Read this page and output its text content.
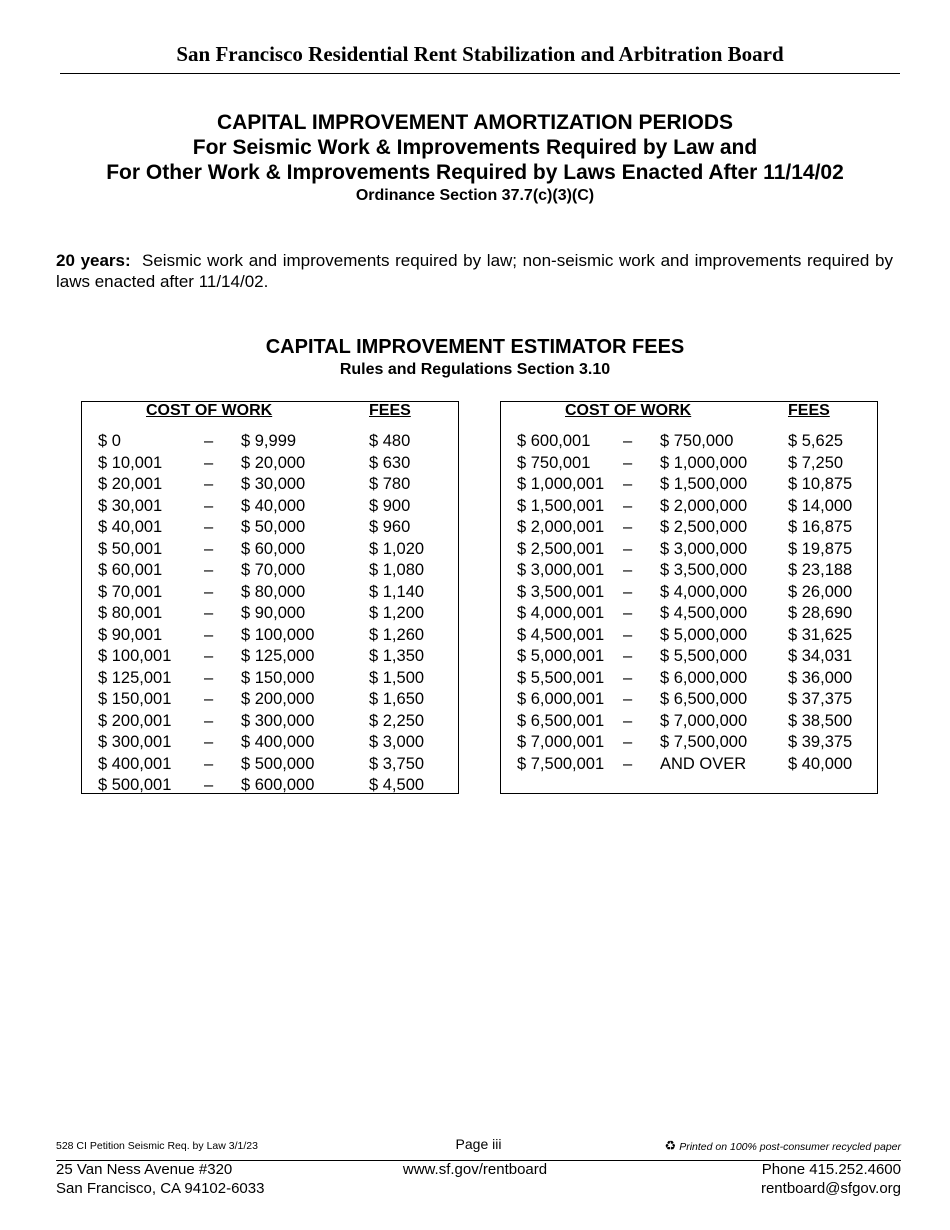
San Francisco Residential Rent Stabilization and Arbitration Board
CAPITAL IMPROVEMENT AMORTIZATION PERIODS
For Seismic Work & Improvements Required by Law and
For Other Work & Improvements Required by Laws Enacted After 11/14/02
Ordinance Section 37.7(c)(3)(C)
20 years: Seismic work and improvements required by law; non-seismic work and improvements required by laws enacted after 11/14/02.
CAPITAL IMPROVEMENT ESTIMATOR FEES
Rules and Regulations Section 3.10
COST OF WORK	FEES
$ 0	– $ 9,999	$ 480
$ 10,001	– $ 20,000	$ 630
$ 20,001	– $ 30,000	$ 780
$ 30,001	– $ 40,000	$ 900
$ 40,001	– $ 50,000	$ 960
$ 50,001	– $ 60,000	$ 1,020
$ 60,001	– $ 70,000	$ 1,080
$ 70,001	– $ 80,000	$ 1,140
$ 80,001	– $ 90,000	$ 1,200
$ 90,001	– $ 100,000	$ 1,260
$ 100,001 – $ 125,000	$ 1,350
$ 125,001 – $ 150,000	$ 1,500
$ 150,001 – $ 200,000	$ 1,650
$ 200,001 – $ 300,000	$ 2,250
$ 300,001 – $ 400,000	$ 3,000
$ 400,001 – $ 500,000	$ 3,750
$ 500,001 – $ 600,000	$ 4,500
COST OF WORK	FEES
$ 600,001 – $ 750,000	$ 5,625
$ 750,001 – $ 1,000,000 $ 7,250
$ 1,000,001 – $ 1,500,000 $ 10,875
$ 1,500,001 – $ 2,000,000 $ 14,000
$ 2,000,001 – $ 2,500,000 $ 16,875
$ 2,500,001 – $ 3,000,000 $ 19,875
$ 3,000,001 – $ 3,500,000 $ 23,188
$ 3,500,001 – $ 4,000,000 $ 26,000
$ 4,000,001 – $ 4,500,000 $ 28,690
$ 4,500,001 – $ 5,000,000 $ 31,625
$ 5,000,001 – $ 5,500,000 $ 34,031
$ 5,500,001 – $ 6,000,000 $ 36,000
$ 6,000,001 – $ 6,500,000 $ 37,375
$ 6,500,001 – $ 7,000,000 $ 38,500
$ 7,000,001 – $ 7,500,000 $ 39,375
$ 7,500,001 – AND OVER	$ 40,000
528 CI Petition Seismic Req. by Law 3/1/23	Page iii	♻ Printed on 100% post-consumer recycled paper
25 Van Ness Avenue #320
San Francisco, CA 94102-6033
www.sf.gov/rentboard	Phone 415.252.4600
rentboard@sfgov.org
